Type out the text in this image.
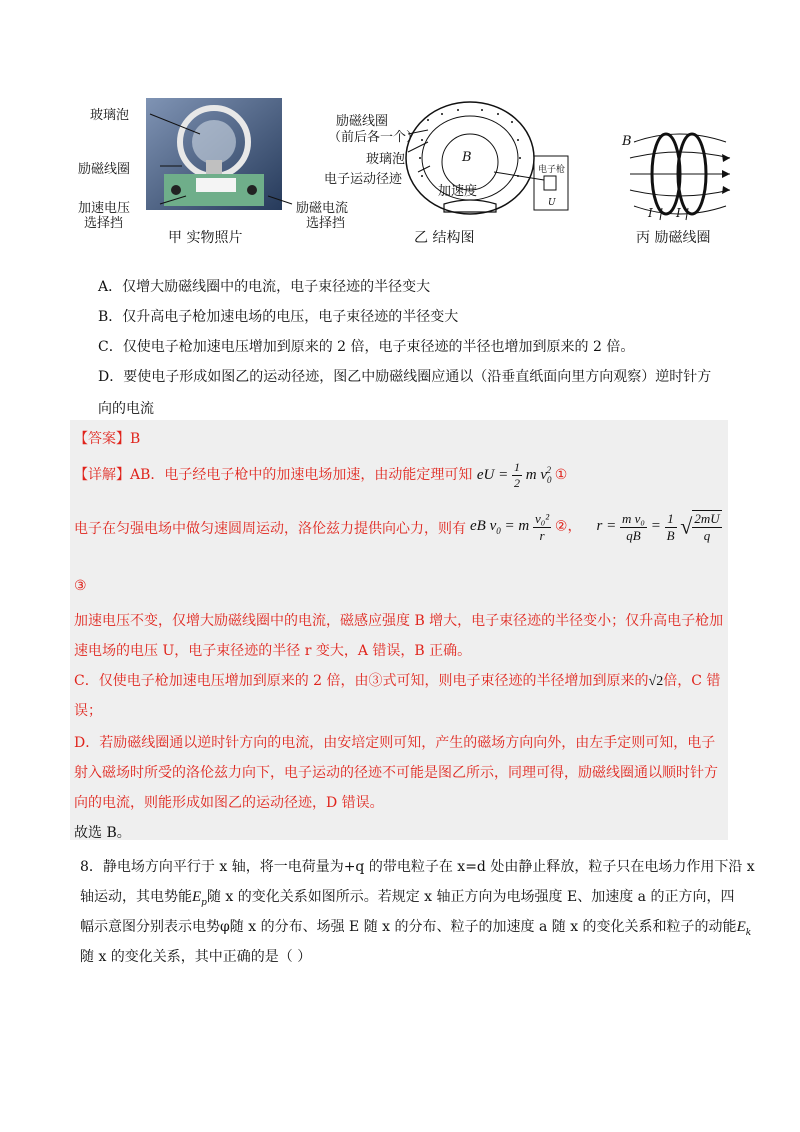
玻璃泡
励磁线圈
加速电压
选择挡
励磁电流
选择挡
甲 实物照片
励磁线圈
（前后各一个）
玻璃泡
电子运动径迹
电子枪
B
加速度
U
乙 结构图
B
I I
丙 励磁线圈
A．仅增大励磁线圈中的电流，电子束径迹的半径变大
B．仅升高电子枪加速电场的电压，电子束径迹的半径变大
C．仅使电子枪加速电压增加到原来的 2 倍，电子束径迹的半径也增加到原来的 2 倍。
D．要使电子形成如图乙的运动径迹，图乙中励磁线圈应通以（沿垂直纸面向里方向观察）逆时针方
向的电流
【答案】B
【详解】AB．电子经电子枪中的加速电场加速，由动能定理可知 eU = $\frac{1}{2}$ m $v_0^2$ ①
电子在匀强电场中做匀速圆周运动，洛伦兹力提供向心力，则有 eB $v_0 = m \frac{\text{v₀²}}{r}$ ②， $r = \frac{\text{m v₀}}{qB} = \frac{1}{B}$ √ $\frac{2mU}{q}$
③
加速电压不变，仅增大励磁线圈中的电流，磁感应强度 B 增大，电子束径迹的半径变小；仅升高电子枪加
速电场的电压 U，电子束径迹的半径 r 变大，A 错误，B 正确。
C．仅使电子枪加速电压增加到原来的 2 倍，由③式可知，则电子束径迹的半径增加到原来的√2倍，C 错
误；
D．若励磁线圈通以逆时针方向的电流，由安培定则可知，产生的磁场方向向外，由左手定则可知，电子
射入磁场时所受的洛伦兹力向下，电子运动的径迹不可能是图乙所示，同理可得，励磁线圈通以顺时针方
向的电流，则能形成如图乙的运动径迹，D 错误。
故选 B。
8．静电场方向平行于 x 轴，将一电荷量为+q 的带电粒子在 x=d 处由静止释放，粒子只在电场力作用下沿 x
轴运动，其电势能$E_p$随 x 的变化关系如图所示。若规定 x 轴正方向为电场强度 E、加速度 a 的正方向，四
幅示意图分别表示电势φ随 x 的分布、场强 E 随 x 的分布、粒子的加速度 a 随 x 的变化关系和粒子的动能$E_k$
随 x 的变化关系，其中正确的是（ ）
